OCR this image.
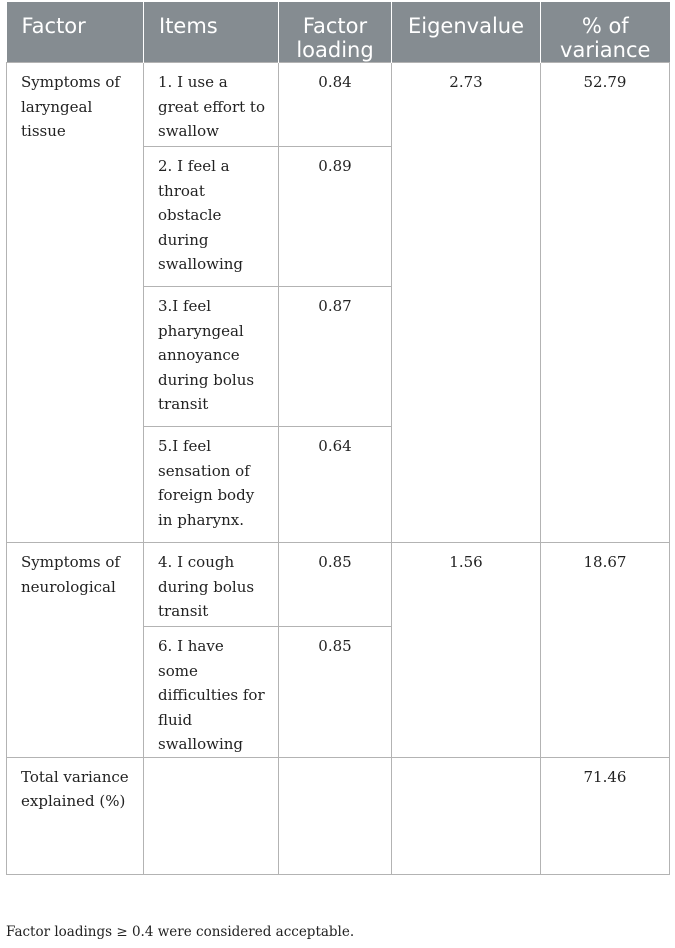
Factor	Items	Factor loading	Eigenvalue	% of variance
Symptoms of laryngeal tissue	1. I use a great effort to swallow	0.84	2.73	52.79
	2. I feel a throat obstacle during swallowing	0.89		
	3.I feel pharyngeal annoyance during bolus transit	0.87		
	5.I feel sensation of foreign body in pharynx.	0.64		
Symptoms of neurological	4. I cough during bolus transit	0.85	1.56	18.67
	6. I have some difficulties for fluid swallowing	0.85		
Total variance explained (%)				71.46
Factor loadings ≥ 0.4 were considered acceptable.
